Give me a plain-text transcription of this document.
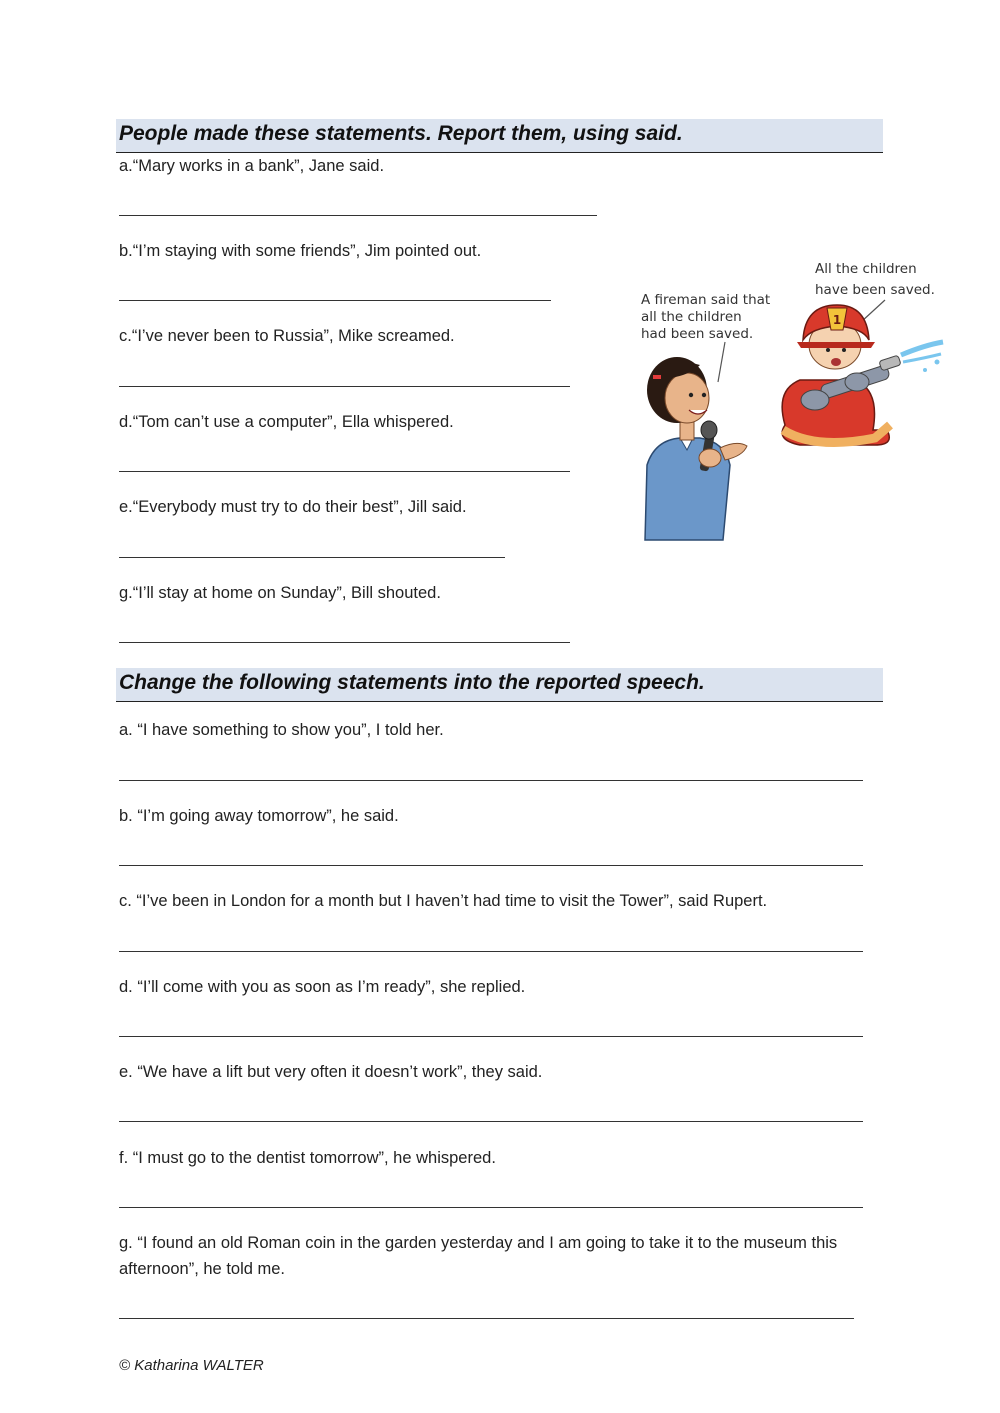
People made these statements. Report them, using said.
a.“Mary works in a bank”, Jane said.
b.“I’m staying with some friends”, Jim pointed out.
c.“I’ve never been to Russia”, Mike screamed.
d.“Tom can’t use a computer”, Ella whispered.
e.“Everybody must try to do their best”, Jill said.
g.“I’ll stay at home on Sunday”, Bill shouted.
A fireman said that
all the children
had been saved.
All the children
have been saved.
1
Change the following statements into the reported speech.
a. “I have something to show you”, I told her.
b. “I’m going away tomorrow”, he said.
c. “I’ve been in London for a month but I haven’t had time to visit the Tower”, said Rupert.
d. “I’ll come with you as soon as I’m ready”, she replied.
e. “We have a lift but very often it doesn’t work”, they said.
f. “I must go to the dentist tomorrow”, he whispered.
g. “I found an old Roman coin in the garden yesterday and I am going to take it to the museum this afternoon”, he told me.
© Katharina WALTER
